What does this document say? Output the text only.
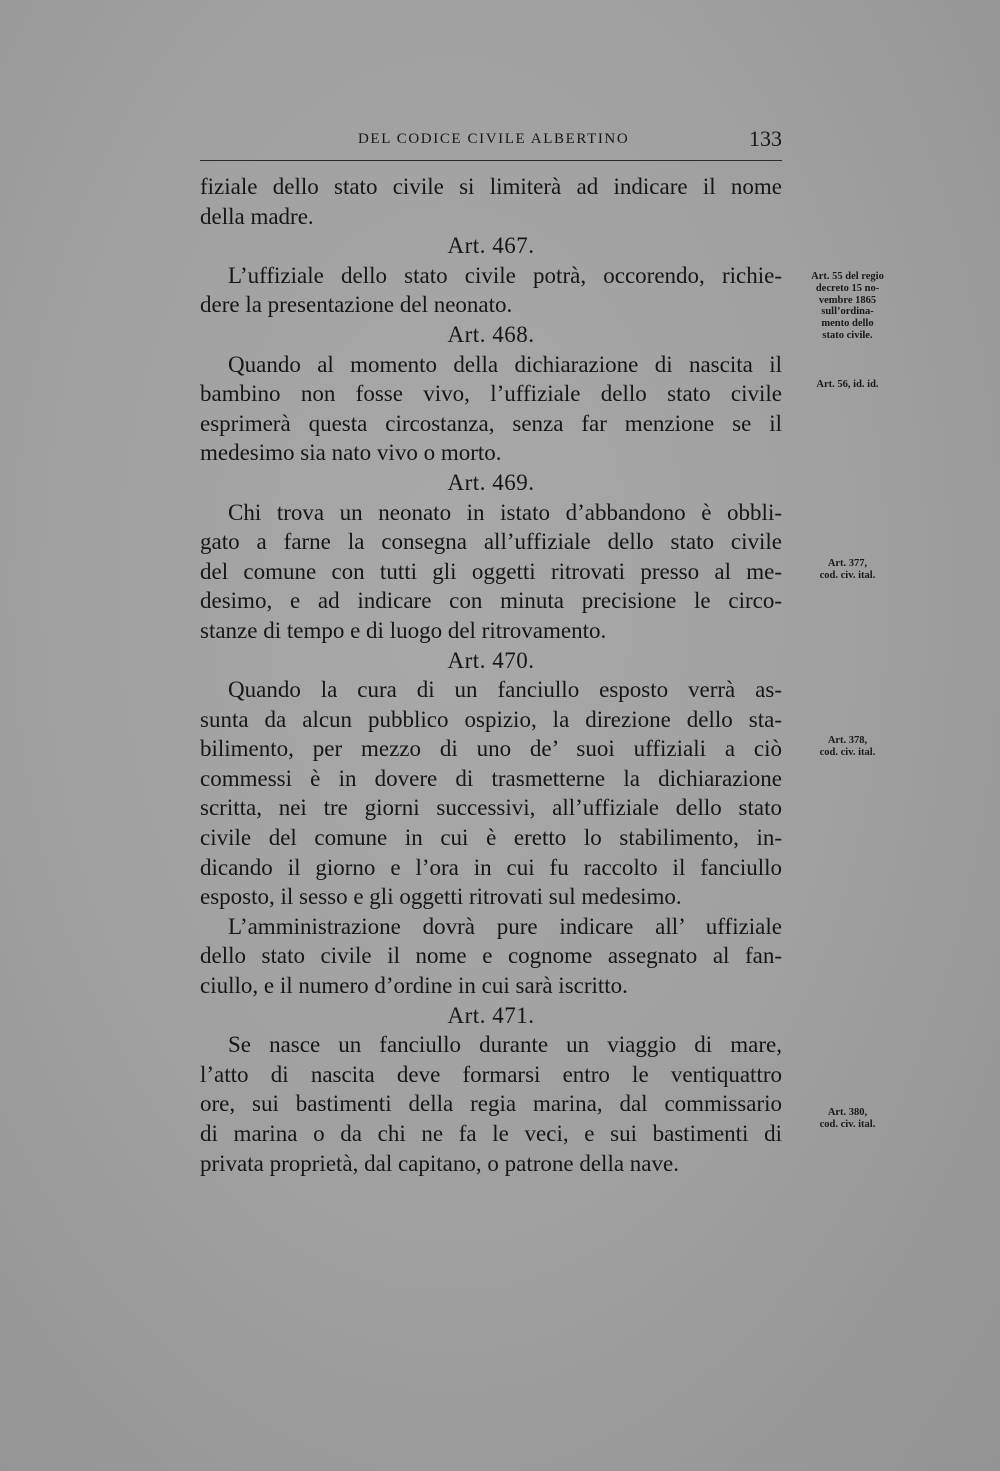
DEL CODICE CIVILE ALBERTINO	133
fiziale dello stato civile si limiterà ad indicare il nome
della madre.
Art. 467.
L’uffiziale dello stato civile potrà, occorendo, richie-
dere la presentazione del neonato.
Art. 468.
Quando al momento della dichiarazione di nascita il
bambino non fosse vivo, l’uffiziale dello stato civile
esprimerà questa circostanza, senza far menzione se il
medesimo sia nato vivo o morto.
Art. 469.
Chi trova un neonato in istato d’abbandono è obbli-
gato a farne la consegna all’uffiziale dello stato civile
del comune con tutti gli oggetti ritrovati presso al me-
desimo, e ad indicare con minuta precisione le circo-
stanze di tempo e di luogo del ritrovamento.
Art. 470.
Quando la cura di un fanciullo esposto verrà as-
sunta da alcun pubblico ospizio, la direzione dello sta-
bilimento, per mezzo di uno de’ suoi uffiziali a ciò
commessi è in dovere di trasmetterne la dichiarazione
scritta, nei tre giorni successivi, all’uffiziale dello stato
civile del comune in cui è eretto lo stabilimento, in-
dicando il giorno e l’ora in cui fu raccolto il fanciullo
esposto, il sesso e gli oggetti ritrovati sul medesimo.
L’amministrazione dovrà pure indicare all’ uffiziale
dello stato civile il nome e cognome assegnato al fan-
ciullo, e il numero d’ordine in cui sarà iscritto.
Art. 471.
Se nasce un fanciullo durante un viaggio di mare,
l’atto di nascita deve formarsi entro le ventiquattro
ore, sui bastimenti della regia marina, dal commissario
di marina o da chi ne fa le veci, e sui bastimenti di
privata proprietà, dal capitano, o patrone della nave.
Art. 55 del regio
decreto 15 no-
vembre 1865
sull’ordina-
mento dello
stato civile.
Art. 56, id. id.
Art. 377,
cod. civ. ital.
Art. 378,
cod. civ. ital.
Art. 380,
cod. civ. ital.
